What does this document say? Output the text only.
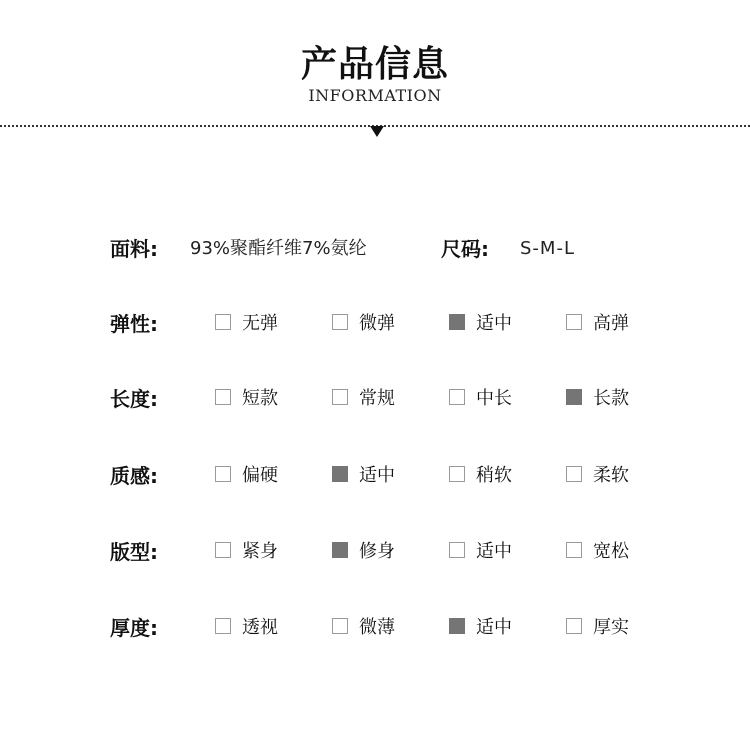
产品信息
INFORMATION
面料: 93%聚酯纤维7%氨纶	尺码: S-M-L
弹性:	无弹	微弹	适中	高弹
长度:	短款	常规	中长	长款
质感:	偏硬	适中	稍软	柔软
版型:	紧身	修身	适中	宽松
厚度:	透视	微薄	适中	厚实
